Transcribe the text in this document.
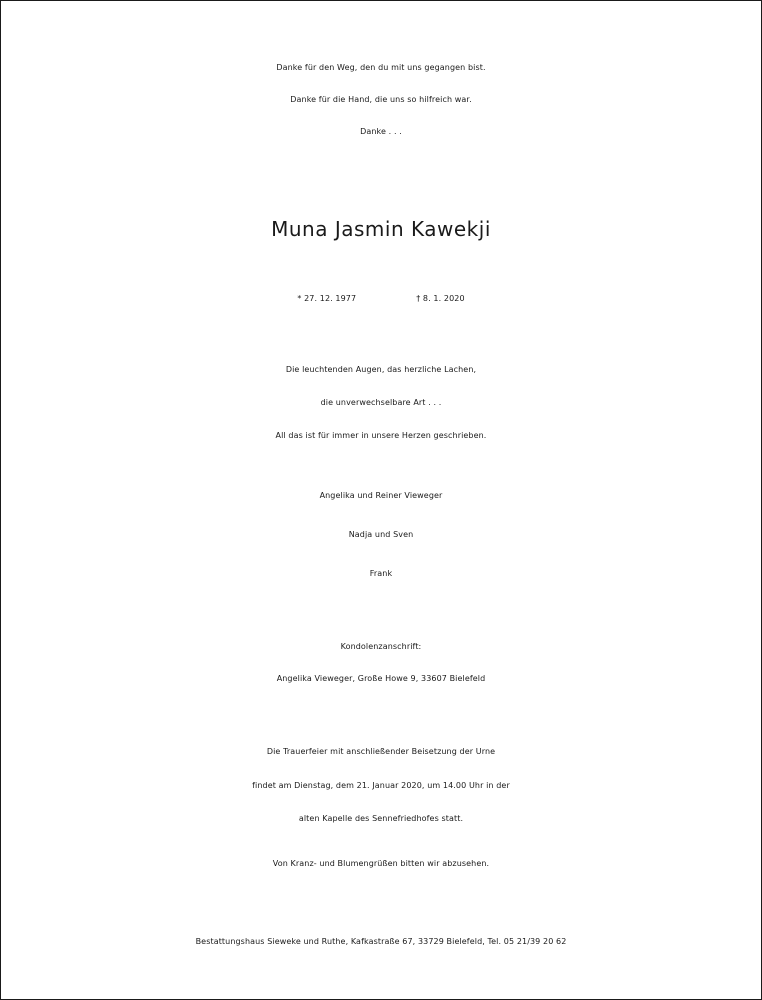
Danke für den Weg, den du mit uns gegangen bist.
Danke für die Hand, die uns so hilfreich war.
Danke . . .
Muna Jasmin Kawekji
* 27. 12. 1977	† 8. 1. 2020
Die leuchtenden Augen, das herzliche Lachen,
die unverwechselbare Art . . .
All das ist für immer in unsere Herzen geschrieben.
Angelika und Reiner Vieweger
Nadja und Sven
Frank
Kondolenzanschrift:
Angelika Vieweger, Große Howe 9, 33607 Bielefeld
Die Trauerfeier mit anschließender Beisetzung der Urne
findet am Dienstag, dem 21. Januar 2020, um 14.00 Uhr in der
alten Kapelle des Sennefriedhofes statt.
Von Kranz- und Blumengrüßen bitten wir abzusehen.
Bestattungshaus Sieweke und Ruthe, Kafkastraße 67, 33729 Bielefeld, Tel. 05 21/39 20 62
